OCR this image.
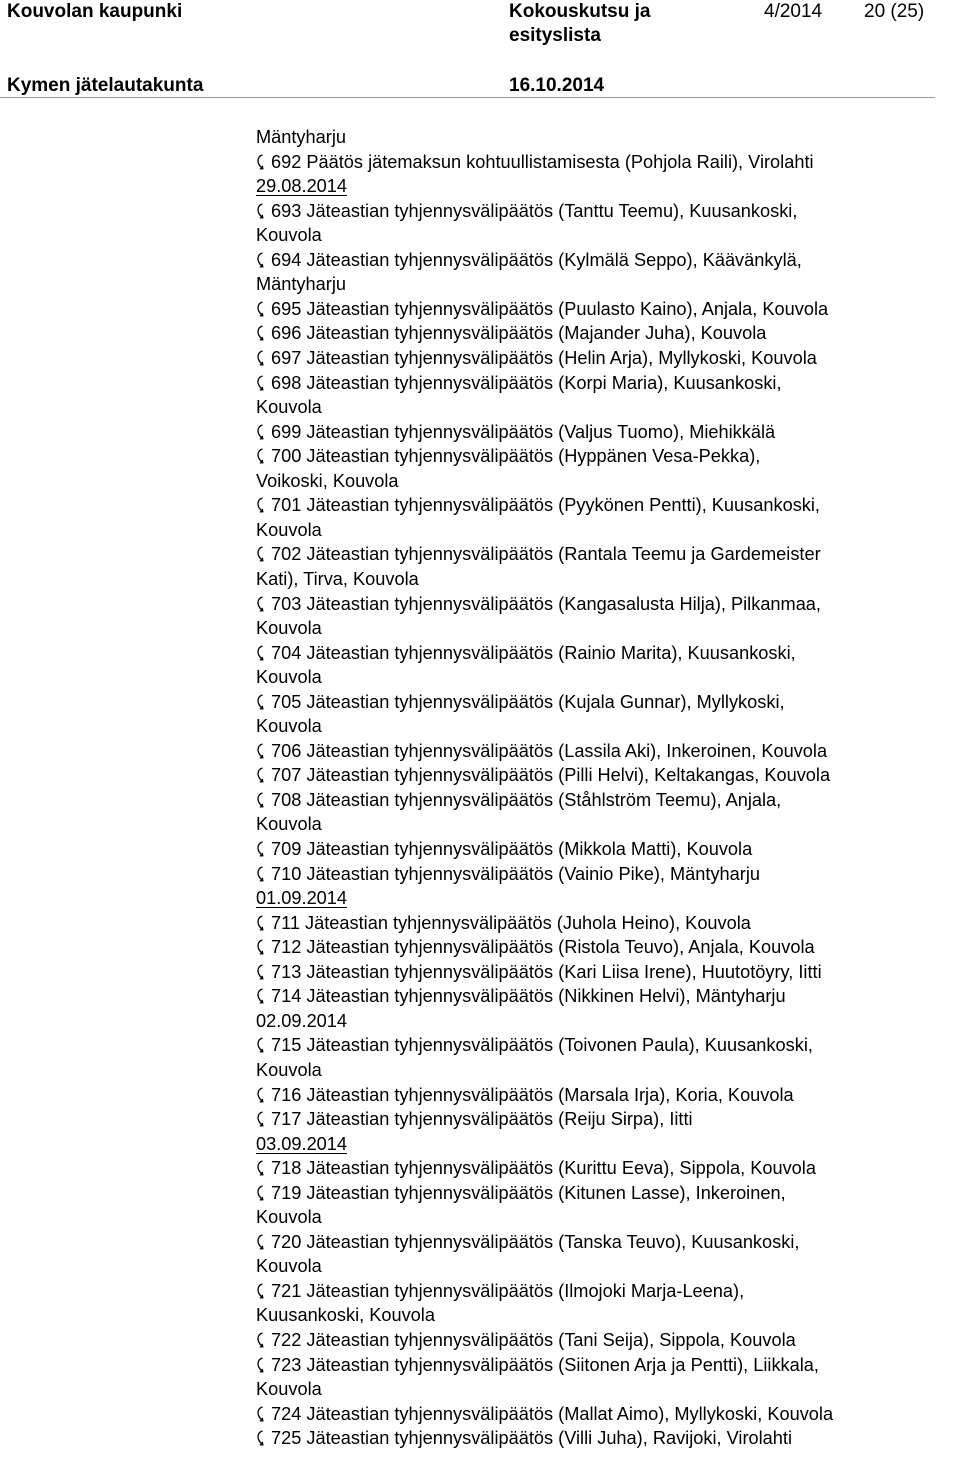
Kouvolan kaupunki	Kokouskutsu ja
esityslista
4/2014 20 (25)
Kymen jätelautakunta	16.10.2014
Mäntyharju
692 Päätös jätemaksun kohtuullistamisesta (Pohjola Raili), Virolahti
29.08.2014
693 Jäteastian tyhjennysvälipäätös (Tanttu Teemu), Kuusankoski,
Kouvola
694 Jäteastian tyhjennysvälipäätös (Kylmälä Seppo), Käävänkylä,
Mäntyharju
695 Jäteastian tyhjennysvälipäätös (Puulasto Kaino), Anjala, Kouvola
696 Jäteastian tyhjennysvälipäätös (Majander Juha), Kouvola
697 Jäteastian tyhjennysvälipäätös (Helin Arja), Myllykoski, Kouvola
698 Jäteastian tyhjennysvälipäätös (Korpi Maria), Kuusankoski,
Kouvola
699 Jäteastian tyhjennysvälipäätös (Valjus Tuomo), Miehikkälä
700 Jäteastian tyhjennysvälipäätös (Hyppänen Vesa-Pekka),
Voikoski, Kouvola
701 Jäteastian tyhjennysvälipäätös (Pyykönen Pentti), Kuusankoski,
Kouvola
702 Jäteastian tyhjennysvälipäätös (Rantala Teemu ja Gardemeister
Kati), Tirva, Kouvola
703 Jäteastian tyhjennysvälipäätös (Kangasalusta Hilja), Pilkanmaa,
Kouvola
704 Jäteastian tyhjennysvälipäätös (Rainio Marita), Kuusankoski,
Kouvola
705 Jäteastian tyhjennysvälipäätös (Kujala Gunnar), Myllykoski,
Kouvola
706 Jäteastian tyhjennysvälipäätös (Lassila Aki), Inkeroinen, Kouvola
707 Jäteastian tyhjennysvälipäätös (Pilli Helvi), Keltakangas, Kouvola
708 Jäteastian tyhjennysvälipäätös (Ståhlström Teemu), Anjala,
Kouvola
709 Jäteastian tyhjennysvälipäätös (Mikkola Matti), Kouvola
710 Jäteastian tyhjennysvälipäätös (Vainio Pike), Mäntyharju
01.09.2014
711 Jäteastian tyhjennysvälipäätös (Juhola Heino), Kouvola
712 Jäteastian tyhjennysvälipäätös (Ristola Teuvo), Anjala, Kouvola
713 Jäteastian tyhjennysvälipäätös (Kari Liisa Irene), Huutotöyry, Iitti
714 Jäteastian tyhjennysvälipäätös (Nikkinen Helvi), Mäntyharju
02.09.2014
715 Jäteastian tyhjennysvälipäätös (Toivonen Paula), Kuusankoski,
Kouvola
716 Jäteastian tyhjennysvälipäätös (Marsala Irja), Koria, Kouvola
717 Jäteastian tyhjennysvälipäätös (Reiju Sirpa), Iitti
03.09.2014
718 Jäteastian tyhjennysvälipäätös (Kurittu Eeva), Sippola, Kouvola
719 Jäteastian tyhjennysvälipäätös (Kitunen Lasse), Inkeroinen,
Kouvola
720 Jäteastian tyhjennysvälipäätös (Tanska Teuvo), Kuusankoski,
Kouvola
721 Jäteastian tyhjennysvälipäätös (Ilmojoki Marja-Leena),
Kuusankoski, Kouvola
722 Jäteastian tyhjennysvälipäätös (Tani Seija), Sippola, Kouvola
723 Jäteastian tyhjennysvälipäätös (Siitonen Arja ja Pentti), Liikkala,
Kouvola
724 Jäteastian tyhjennysvälipäätös (Mallat Aimo), Myllykoski, Kouvola
725 Jäteastian tyhjennysvälipäätös (Villi Juha), Ravijoki, Virolahti
